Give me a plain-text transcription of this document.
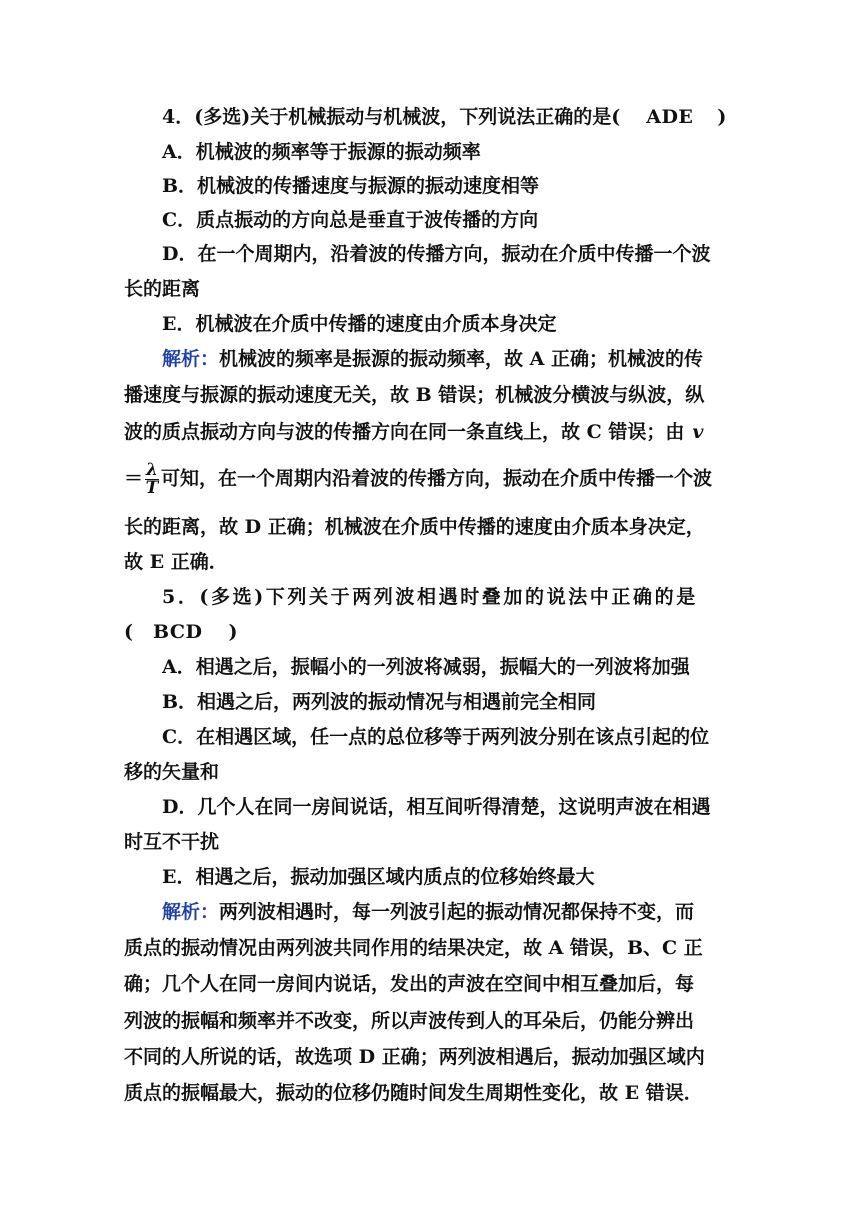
4．(多选)关于机械振动与机械波，下列说法正确的是( ADE )
A．机械波的频率等于振源的振动频率
B．机械波的传播速度与振源的振动速度相等
C．质点振动的方向总是垂直于波传播的方向
D．在一个周期内，沿着波的传播方向，振动在介质中传播一个波
长的距离
E．机械波在介质中传播的速度由介质本身决定
解析：机械波的频率是振源的振动频率，故 A 正确；机械波的传
播速度与振源的振动速度无关，故 B 错误；机械波分横波与纵波，纵
波的质点振动方向与波的传播方向在同一条直线上，故 C 错误；由 v
＝ $\frac{\lambda}{T}$ 可知，在一个周期内沿着波的传播方向，振动在介质中传播一个波
长的距离，故 D 正确；机械波在介质中传播的速度由介质本身决定，
故 E 正确．
5．(多选)下列关于两列波相遇时叠加的说法中正确的是
( BCD )
A．相遇之后，振幅小的一列波将减弱，振幅大的一列波将加强
B．相遇之后，两列波的振动情况与相遇前完全相同
C．在相遇区域，任一点的总位移等于两列波分别在该点引起的位
移的矢量和
D．几个人在同一房间说话，相互间听得清楚，这说明声波在相遇
时互不干扰
E．相遇之后，振动加强区域内质点的位移始终最大
解析：两列波相遇时，每一列波引起的振动情况都保持不变，而
质点的振动情况由两列波共同作用的结果决定，故 A 错误，B、C 正
确；几个人在同一房间内说话，发出的声波在空间中相互叠加后，每
列波的振幅和频率并不改变，所以声波传到人的耳朵后，仍能分辨出
不同的人所说的话，故选项 D 正确；两列波相遇后，振动加强区域内
质点的振幅最大，振动的位移仍随时间发生周期性变化，故 E 错误．
